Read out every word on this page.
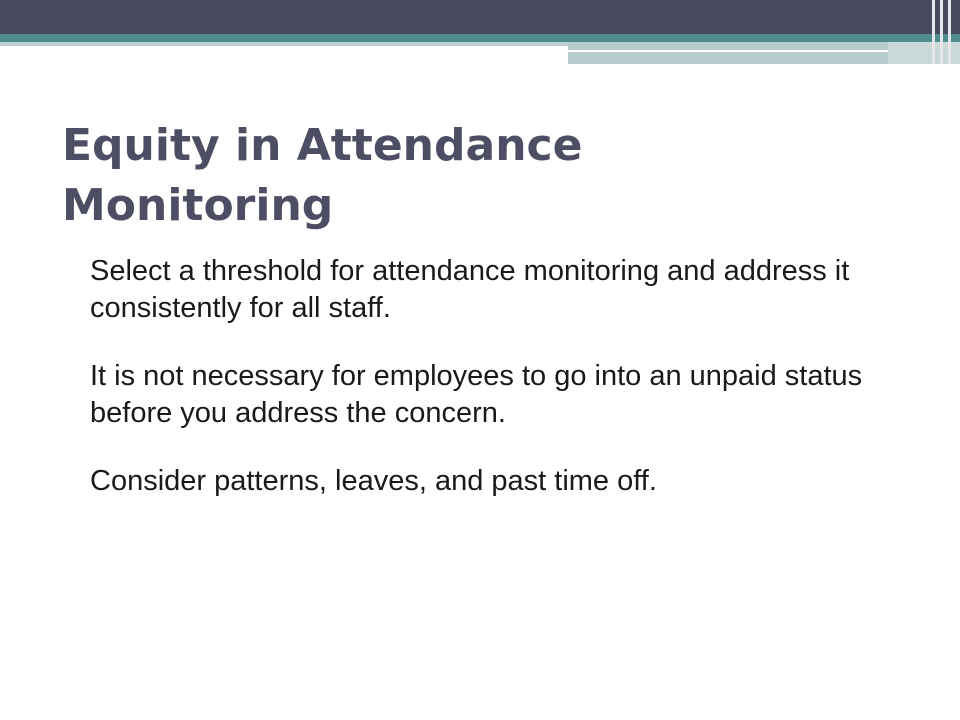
Equity in Attendance Monitoring

Select a threshold for attendance monitoring and address it consistently for all staff.

It is not necessary for employees to go into an unpaid status before you address the concern.

Consider patterns, leaves, and past time off.
